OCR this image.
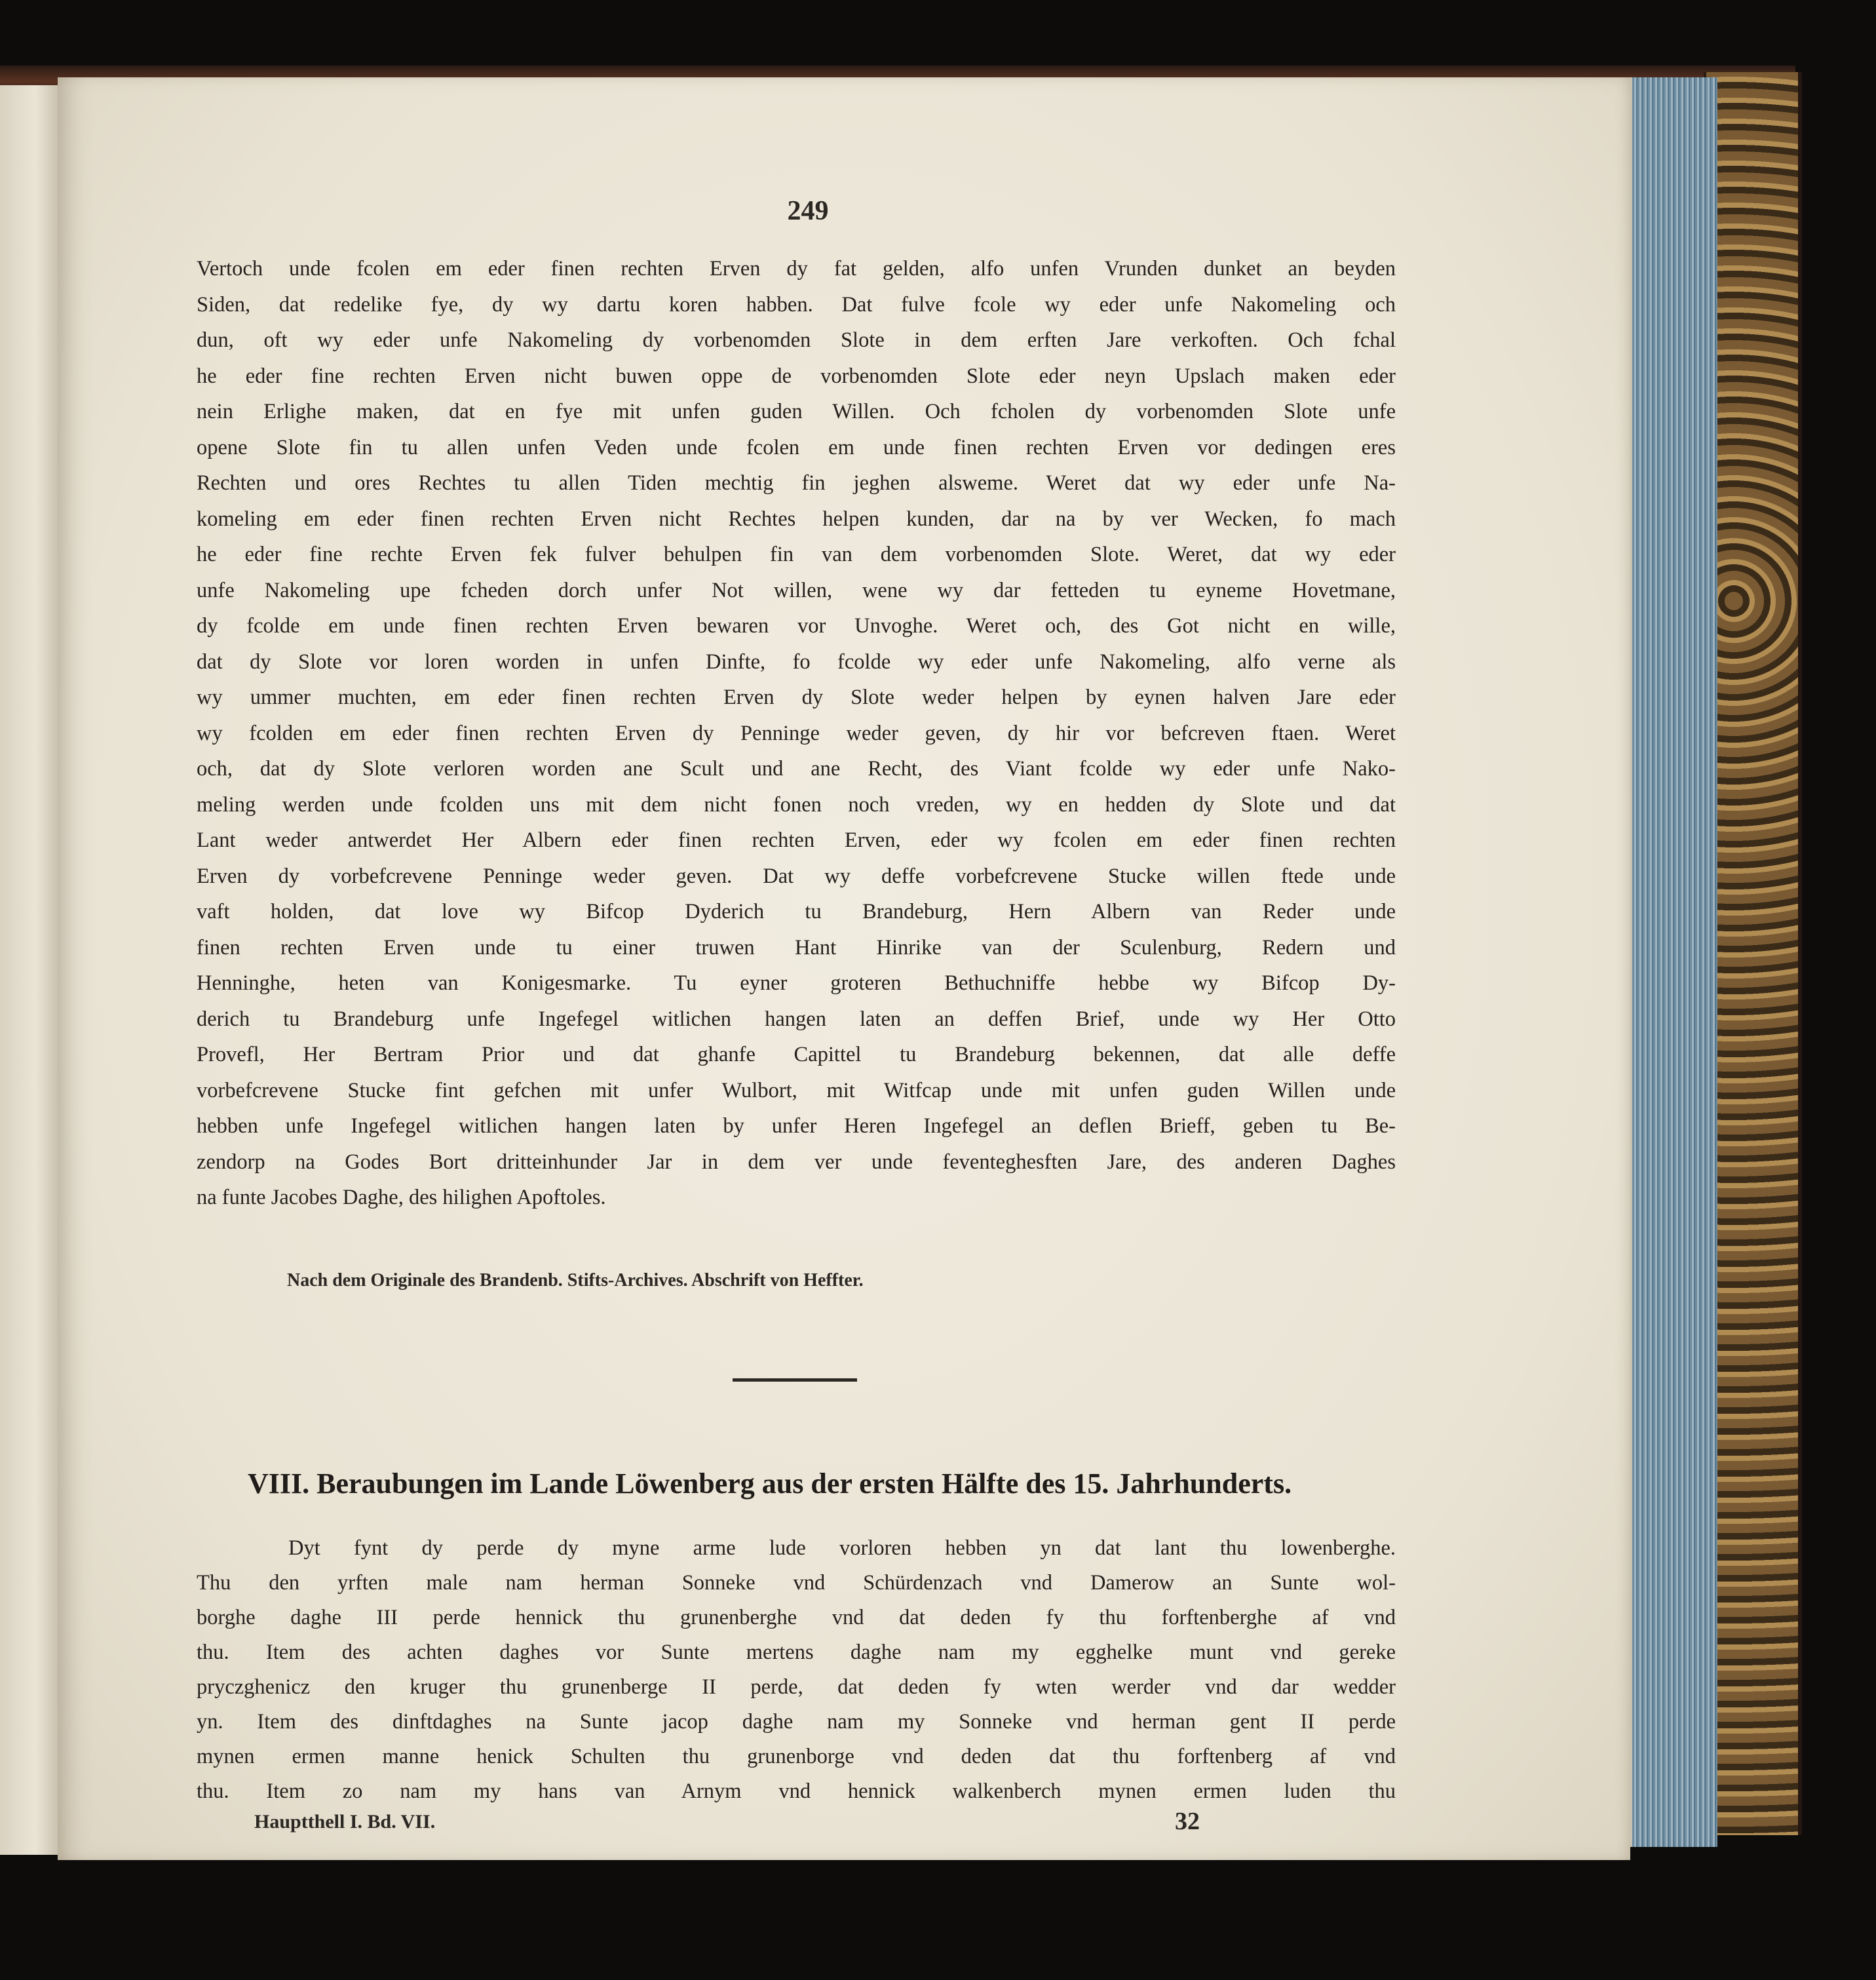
249
Vertoch unde fcolen em eder finen rechten Erven dy fat gelden, alfo unfen Vrunden dunket an beyden
Siden, dat redelike fye, dy wy dartu koren habben. Dat fulve fcole wy eder unfe Nakomeling och
dun, oft wy eder unfe Nakomeling dy vorbenomden Slote in dem erften Jare verkoften. Och fchal
he eder fine rechten Erven nicht buwen oppe de vorbenomden Slote eder neyn Upslach maken eder
nein Erlighe maken, dat en fye mit unfen guden Willen. Och fcholen dy vorbenomden Slote unfe
opene Slote fin tu allen unfen Veden unde fcolen em unde finen rechten Erven vor dedingen eres
Rechten und ores Rechtes tu allen Tiden mechtig fin jeghen alsweme. Weret dat wy eder unfe Na-
komeling em eder finen rechten Erven nicht Rechtes helpen kunden, dar na by ver Wecken, fo mach
he eder fine rechte Erven fek fulver behulpen fin van dem vorbenomden Slote. Weret, dat wy eder
unfe Nakomeling upe fcheden dorch unfer Not willen, wene wy dar fetteden tu eyneme Hovetmane,
dy fcolde em unde finen rechten Erven bewaren vor Unvoghe. Weret och, des Got nicht en wille,
dat dy Slote vor loren worden in unfen Dinfte, fo fcolde wy eder unfe Nakomeling, alfo verne als
wy ummer muchten, em eder finen rechten Erven dy Slote weder helpen by eynen halven Jare eder
wy fcolden em eder finen rechten Erven dy Penninge weder geven, dy hir vor befcreven ftaen. Weret
och, dat dy Slote verloren worden ane Scult und ane Recht, des Viant fcolde wy eder unfe Nako-
meling werden unde fcolden uns mit dem nicht fonen noch vreden, wy en hedden dy Slote und dat
Lant weder antwerdet Her Albern eder finen rechten Erven, eder wy fcolen em eder finen rechten
Erven dy vorbefcrevene Penninge weder geven. Dat wy deffe vorbefcrevene Stucke willen ftede unde
vaft holden, dat love wy Bifcop Dyderich tu Brandeburg, Hern Albern van Reder unde
finen rechten Erven unde tu einer truwen Hant Hinrike van der Sculenburg, Redern und
Henninghe, heten van Konigesmarke. Tu eyner groteren Bethuchniffe hebbe wy Bifcop Dy-
derich tu Brandeburg unfe Ingefegel witlichen hangen laten an deffen Brief, unde wy Her Otto
Provefl, Her Bertram Prior und dat ghanfe Capittel tu Brandeburg bekennen, dat alle deffe
vorbefcrevene Stucke fint gefchen mit unfer Wulbort, mit Witfcap unde mit unfen guden Willen unde
hebben unfe Ingefegel witlichen hangen laten by unfer Heren Ingefegel an deflen Brieff, geben tu Be-
zendorp na Godes Bort dritteinhunder Jar in dem ver unde feventeghesften Jare, des anderen Daghes
na funte Jacobes Daghe, des hilighen Apoftoles.
Nach dem Originale des Brandenb. Stifts-Archives. Abschrift von Heffter.
VIII. Beraubungen im Lande Löwenberg aus der ersten Hälfte des 15. Jahrhunderts.
Dyt fynt dy perde dy myne arme lude vorloren hebben yn dat lant thu lowenberghe.
Thu den yrften male nam herman Sonneke vnd Schürdenzach vnd Damerow an Sunte wol-
borghe daghe III perde hennick thu grunenberghe vnd dat deden fy thu forftenberghe af vnd
thu. Item des achten daghes vor Sunte mertens daghe nam my egghelke munt vnd gereke
pryczghenicz den kruger thu grunenberge II perde, dat deden fy wten werder vnd dar wedder
yn. Item des dinftdaghes na Sunte jacop daghe nam my Sonneke vnd herman gent II perde
mynen ermen manne henick Schulten thu grunenborge vnd deden dat thu forftenberg af vnd
thu. Item zo nam my hans van Arnym vnd hennick walkenberch mynen ermen luden thu
Hauptthell I. Bd. VII.	32
